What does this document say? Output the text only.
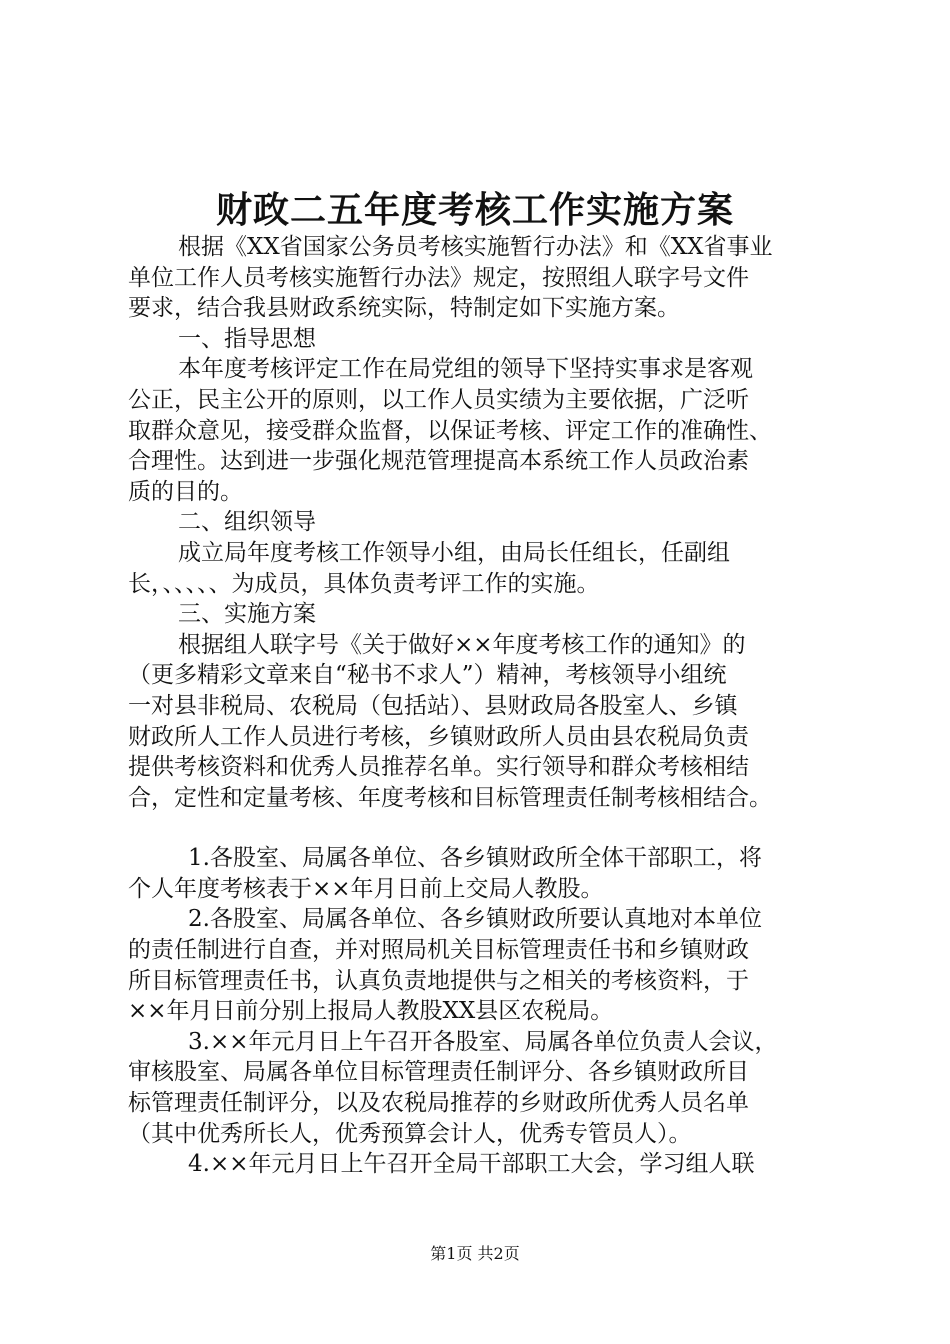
财政二五年度考核工作实施方案
根据《XX省国家公务员考核实施暂行办法》和《XX省事业
单位工作人员考核实施暂行办法》规定，按照组人联字号文件
要求，结合我县财政系统实际，特制定如下实施方案。
一、指导思想
本年度考核评定工作在局党组的领导下坚持实事求是客观
公正，民主公开的原则，以工作人员实绩为主要依据，广泛听
取群众意见，接受群众监督，以保证考核、评定工作的准确性、
合理性。达到进一步强化规范管理提高本系统工作人员政治素
质的目的。
二、组织领导
成立局年度考核工作领导小组，由局长任组长，任副组
长，、、、、、为成员，具体负责考评工作的实施。
三、实施方案
根据组人联字号《关于做好××年度考核工作的通知》的
（更多精彩文章来自“秘书不求人”）精神，考核领导小组统
一对县非税局、农税局（包括站）、县财政局各股室人、乡镇
财政所人工作人员进行考核，乡镇财政所人员由县农税局负责
提供考核资料和优秀人员推荐名单。实行领导和群众考核相结
合，定性和定量考核、年度考核和目标管理责任制考核相结合。
1.各股室、局属各单位、各乡镇财政所全体干部职工，将
个人年度考核表于××年月日前上交局人教股。
2.各股室、局属各单位、各乡镇财政所要认真地对本单位
的责任制进行自查，并对照局机关目标管理责任书和乡镇财政
所目标管理责任书，认真负责地提供与之相关的考核资料，于
××年月日前分别上报局人教股XX县区农税局。
3.××年元月日上午召开各股室、局属各单位负责人会议，
审核股室、局属各单位目标管理责任制评分、各乡镇财政所目
标管理责任制评分，以及农税局推荐的乡财政所优秀人员名单
（其中优秀所长人，优秀预算会计人，优秀专管员人）。
4.××年元月日上午召开全局干部职工大会，学习组人联
第1页 共2页
